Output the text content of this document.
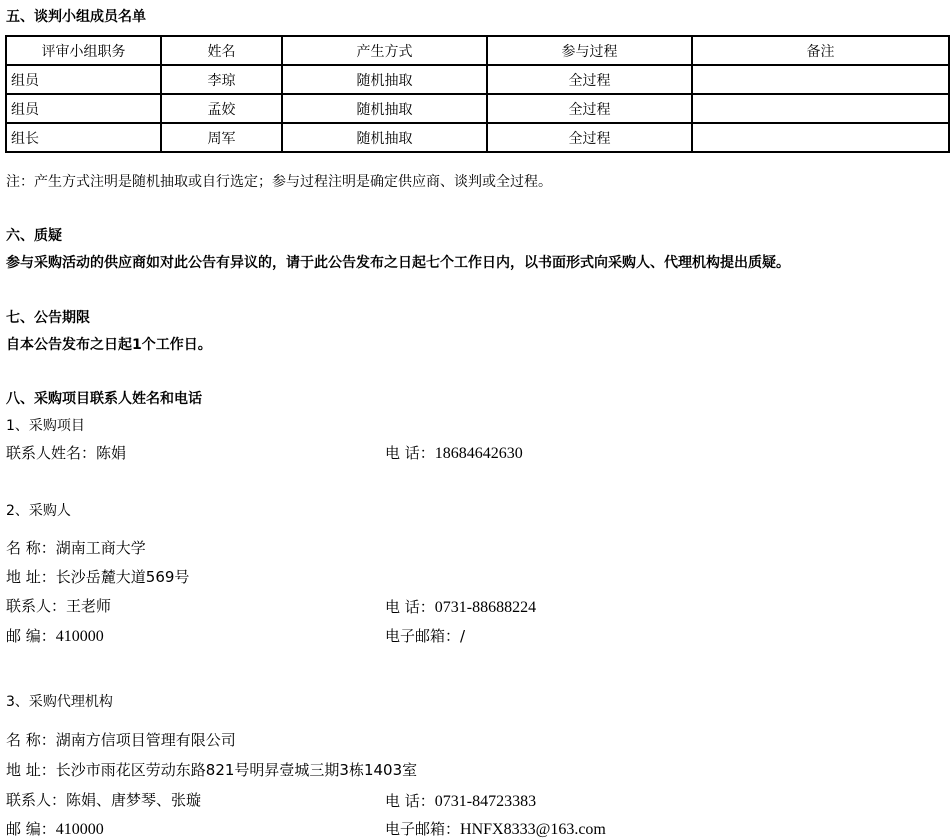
五、谈判小组成员名单
评审小组职务	姓名	产生方式	参与过程	备注
组员	李琼	随机抽取	全过程	
组员	孟姣	随机抽取	全过程	
组长	周军	随机抽取	全过程	
注：产生方式注明是随机抽取或自行选定；参与过程注明是确定供应商、谈判或全过程。
六、质疑
参与采购活动的供应商如对此公告有异议的，请于此公告发布之日起七个工作日内，以书面形式向采购人、代理机构提出质疑。
七、公告期限
自本公告发布之日起1个工作日。
八、采购项目联系人姓名和电话
1、采购项目
联系人姓名：陈娟	电 话：18684642630
2、采购人
名 称：湖南工商大学
地 址：长沙岳麓大道569号
联系人：王老师	电 话：0731-88688224
邮 编：410000	电子邮箱：/
3、采购代理机构
名 称：湖南方信项目管理有限公司
地 址：长沙市雨花区劳动东路821号明昇壹城三期3栋1403室
联系人：陈娟、唐梦琴、张璇	电 话：0731-84723383
邮 编：410000	电子邮箱：HNFX8333@163.com
